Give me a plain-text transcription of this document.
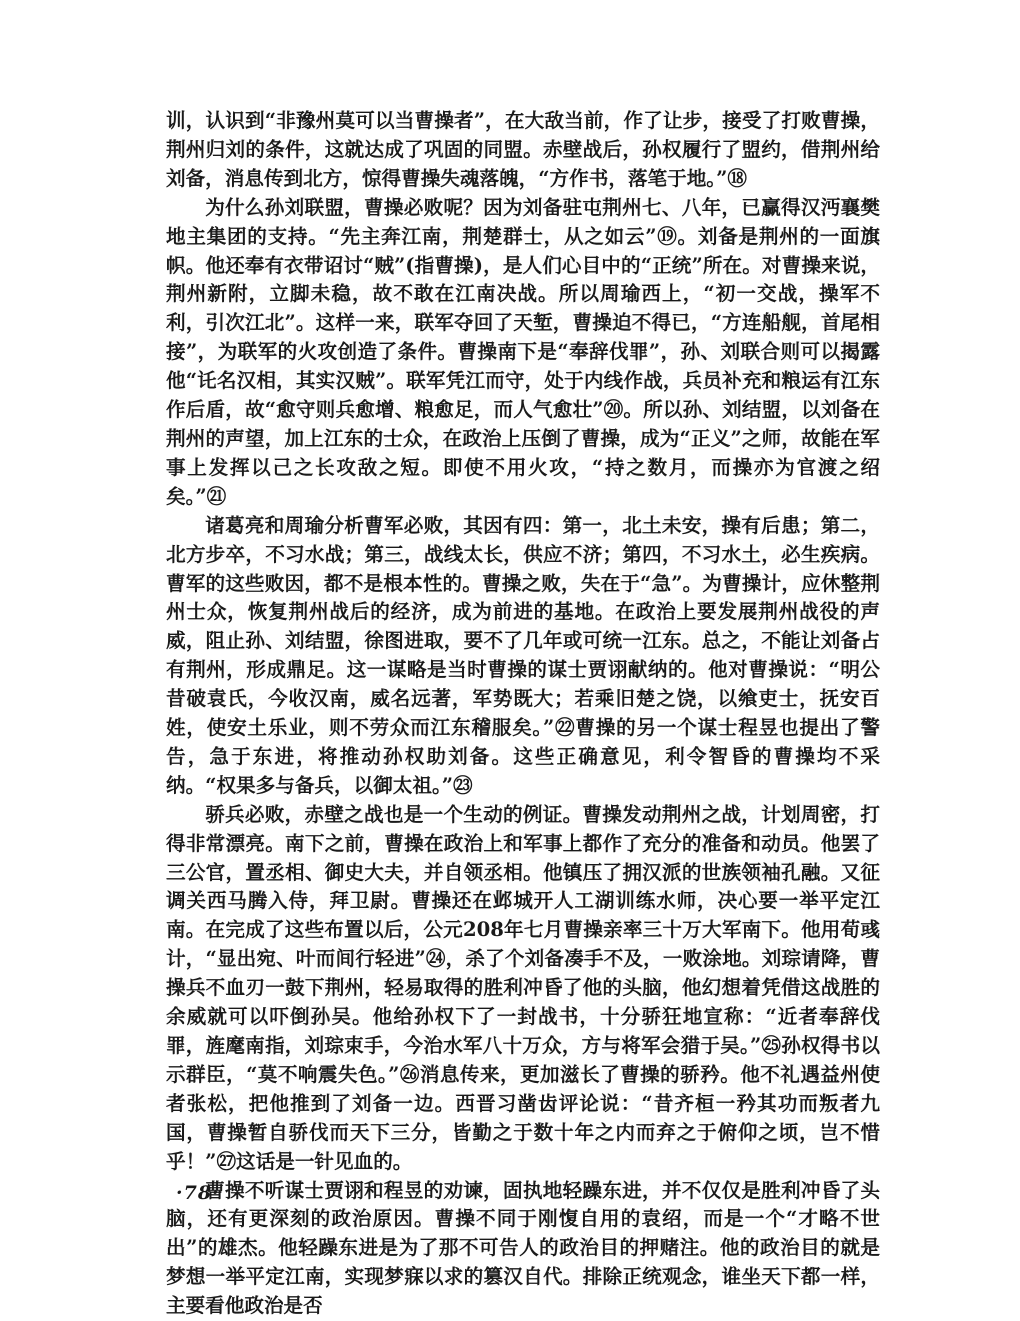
训，认识到“非豫州莫可以当曹操者”，在大敌当前，作了让步，接受了打败曹操，荆州归刘的条件，这就达成了巩固的同盟。赤壁战后，孙权履行了盟约，借荆州给刘备，消息传到北方，惊得曹操失魂落魄，“方作书，落笔于地。”⑱

为什么孙刘联盟，曹操必败呢？因为刘备驻屯荆州七、八年，已赢得汉沔襄樊地主集团的支持。“先主奔江南，荆楚群士，从之如云”⑲。刘备是荆州的一面旗帜。他还奉有衣带诏讨“贼”(指曹操)，是人们心目中的“正统”所在。对曹操来说，荆州新附，立脚未稳，故不敢在江南决战。所以周瑜西上，“初一交战，操军不利，引次江北”。这样一来，联军夺回了天堑，曹操迫不得已，“方连船舰，首尾相接”，为联军的火攻创造了条件。曹操南下是“奉辞伐罪”，孙、刘联合则可以揭露他“讬名汉相，其实汉贼”。联军凭江而守，处于内线作战，兵员补充和粮运有江东作后盾，故“愈守则兵愈增、粮愈足，而人气愈壮”⑳。所以孙、刘结盟，以刘备在荆州的声望，加上江东的士众，在政治上压倒了曹操，成为“正义”之师，故能在军事上发挥以己之长攻敌之短。即使不用火攻，“持之数月，而操亦为官渡之绍矣。”㉑

诸葛亮和周瑜分析曹军必败，其因有四：第一，北土未安，操有后患；第二，北方步卒，不习水战；第三，战线太长，供应不济；第四，不习水土，必生疾病。曹军的这些败因，都不是根本性的。曹操之败，失在于“急”。为曹操计，应休整荆州士众，恢复荆州战后的经济，成为前进的基地。在政治上要发展荆州战役的声威，阻止孙、刘结盟，徐图进取，要不了几年或可统一江东。总之，不能让刘备占有荆州，形成鼎足。这一谋略是当时曹操的谋士贾诩献纳的。他对曹操说：“明公昔破袁氏，今收汉南，威名远著，军势既大；若乘旧楚之饶，以飨吏士，抚安百姓，使安土乐业，则不劳众而江东稽服矣。”㉒曹操的另一个谋士程昱也提出了警告，急于东进，将推动孙权助刘备。这些正确意见，利令智昏的曹操均不采纳。“权果多与备兵，以御太祖。”㉓

骄兵必败，赤壁之战也是一个生动的例证。曹操发动荆州之战，计划周密，打得非常漂亮。南下之前，曹操在政治上和军事上都作了充分的准备和动员。他罢了三公官，置丞相、御史大夫，并自领丞相。他镇压了拥汉派的世族领袖孔融。又征调关西马腾入侍，拜卫尉。曹操还在邺城开人工湖训练水师，决心要一举平定江南。在完成了这些布置以后，公元208年七月曹操亲率三十万大军南下。他用荀彧计，“显出宛、叶而间行轻进”㉔，杀了个刘备凑手不及，一败涂地。刘琮请降，曹操兵不血刃一鼓下荆州，轻易取得的胜利冲昏了他的头脑，他幻想着凭借这战胜的余威就可以吓倒孙吴。他给孙权下了一封战书，十分骄狂地宣称：“近者奉辞伐罪，旌麾南指，刘琮束手，今治水军八十万众，方与将军会猎于吴。”㉕孙权得书以示群臣，“莫不响震失色。”㉖消息传来，更加滋长了曹操的骄矜。他不礼遇益州使者张松，把他推到了刘备一边。西晋习凿齿评论说：“昔齐桓一矜其功而叛者九国，曹操暂自骄伐而天下三分，皆勤之于数十年之内而弃之于俯仰之顷，岂不惜乎！”㉗这话是一针见血的。

曹操不听谋士贾诩和程昱的劝谏，固执地轻躁东进，并不仅仅是胜利冲昏了头脑，还有更深刻的政治原因。曹操不同于刚愎自用的袁绍，而是一个“才略不世出”的雄杰。他轻躁东进是为了那不可告人的政治目的押赌注。他的政治目的就是梦想一举平定江南，实现梦寐以求的篡汉自代。排除正统观念，谁坐天下都一样，主要看他政治是否

·78·
